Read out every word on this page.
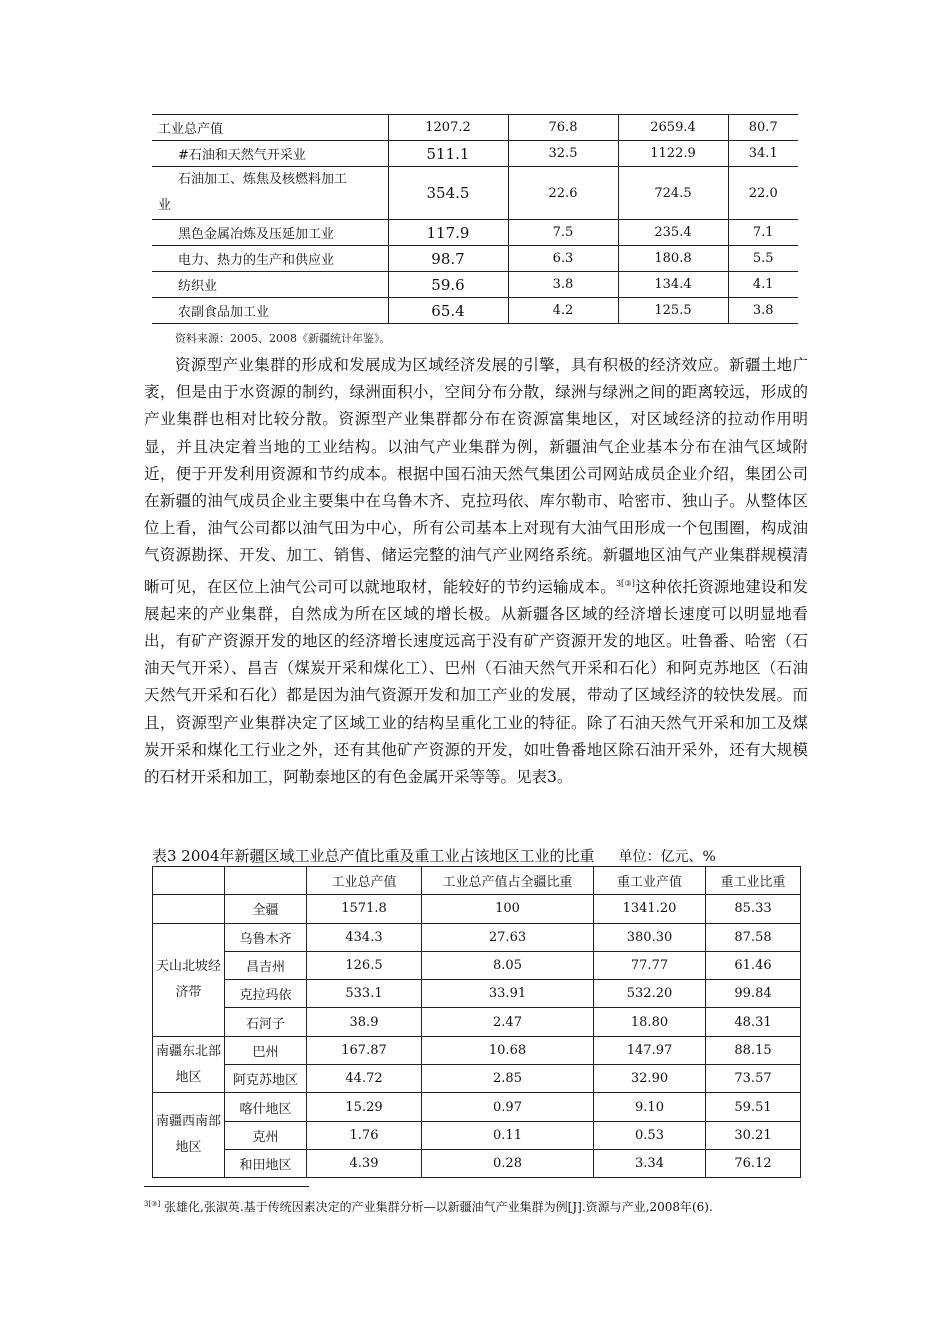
工业总产值	1207.2	76.8	2659.4	80.7
#石油和天然气开采业	511.1	32.5	1122.9	34.1
石油加工、炼焦及核燃料加工
业	354.5	22.6	724.5	22.0
黑色金属冶炼及压延加工业	117.9	7.5	235.4	7.1
电力、热力的生产和供应业	98.7	6.3	180.8	5.5
纺织业	59.6	3.8	134.4	4.1
农副食品加工业	65.4	4.2	125.5	3.8
资料来源：2005、2008《新疆统计年鉴》。

资源型产业集群的形成和发展成为区域经济发展的引擎，具有积极的经济效应。新疆土地广袤，但是由于水资源的制约，绿洲面积小，空间分布分散，绿洲与绿洲之间的距离较远，形成的产业集群也相对比较分散。资源型产业集群都分布在资源富集地区，对区域经济的拉动作用明显，并且决定着当地的工业结构。以油气产业集群为例，新疆油气企业基本分布在油气区域附近，便于开发利用资源和节约成本。根据中国石油天然气集团公司网站成员企业介绍，集团公司在新疆的油气成员企业主要集中在乌鲁木齐、克拉玛依、库尔勒市、哈密市、独山子。从整体区位上看，油气公司都以油气田为中心，所有公司基本上对现有大油气田形成一个包围圈，构成油气资源勘探、开发、加工、销售、储运完整的油气产业网络系统。新疆地区油气产业集群规模清晰可见，在区位上油气公司可以就地取材，能较好的节约运输成本。$^{3[③]}$这种依托资源地建设和发展起来的产业集群，自然成为所在区域的增长极。从新疆各区域的经济增长速度可以明显地看出，有矿产资源开发的地区的经济增长速度远高于没有矿产资源开发的地区。吐鲁番、哈密（石油天气开采）、昌吉（煤炭开采和煤化工）、巴州（石油天然气开采和石化）和阿克苏地区（石油天然气开采和石化）都是因为油气资源开发和加工产业的发展，带动了区域经济的较快发展。而且，资源型产业集群决定了区域工业的结构呈重化工业的特征。除了石油天然气开采和加工及煤炭开采和煤化工行业之外，还有其他矿产资源的开发，如吐鲁番地区除石油开采外，还有大规模的石材开采和加工，阿勒泰地区的有色金属开采等等。见表3。

表3 2004年新疆区域工业总产值比重及重工业占该地区工业的比重 单位：亿元、%
		工业总产值	工业总产值占全疆比重	重工业产值	重工业比重
	全疆	1571.8	100	1341.20	85.33
天山北坡经
济带	乌鲁木齐	434.3	27.63	380.30	87.58
	昌吉州	126.5	8.05	77.77	61.46
	克拉玛依	533.1	33.91	532.20	99.84
	石河子	38.9	2.47	18.80	48.31
南疆东北部
地区	巴州	167.87	10.68	147.97	88.15
	阿克苏地区	44.72	2.85	32.90	73.57
南疆西南部
地区	喀什地区	15.29	0.97	9.10	59.51
	克州	1.76	0.11	0.53	30.21
	和田地区	4.39	0.28	3.34	76.12

$^{3[③]}$ 张雄化,张淑英.基于传统因素决定的产业集群分析—以新疆油气产业集群为例[J].资源与产业,2008年(6).
